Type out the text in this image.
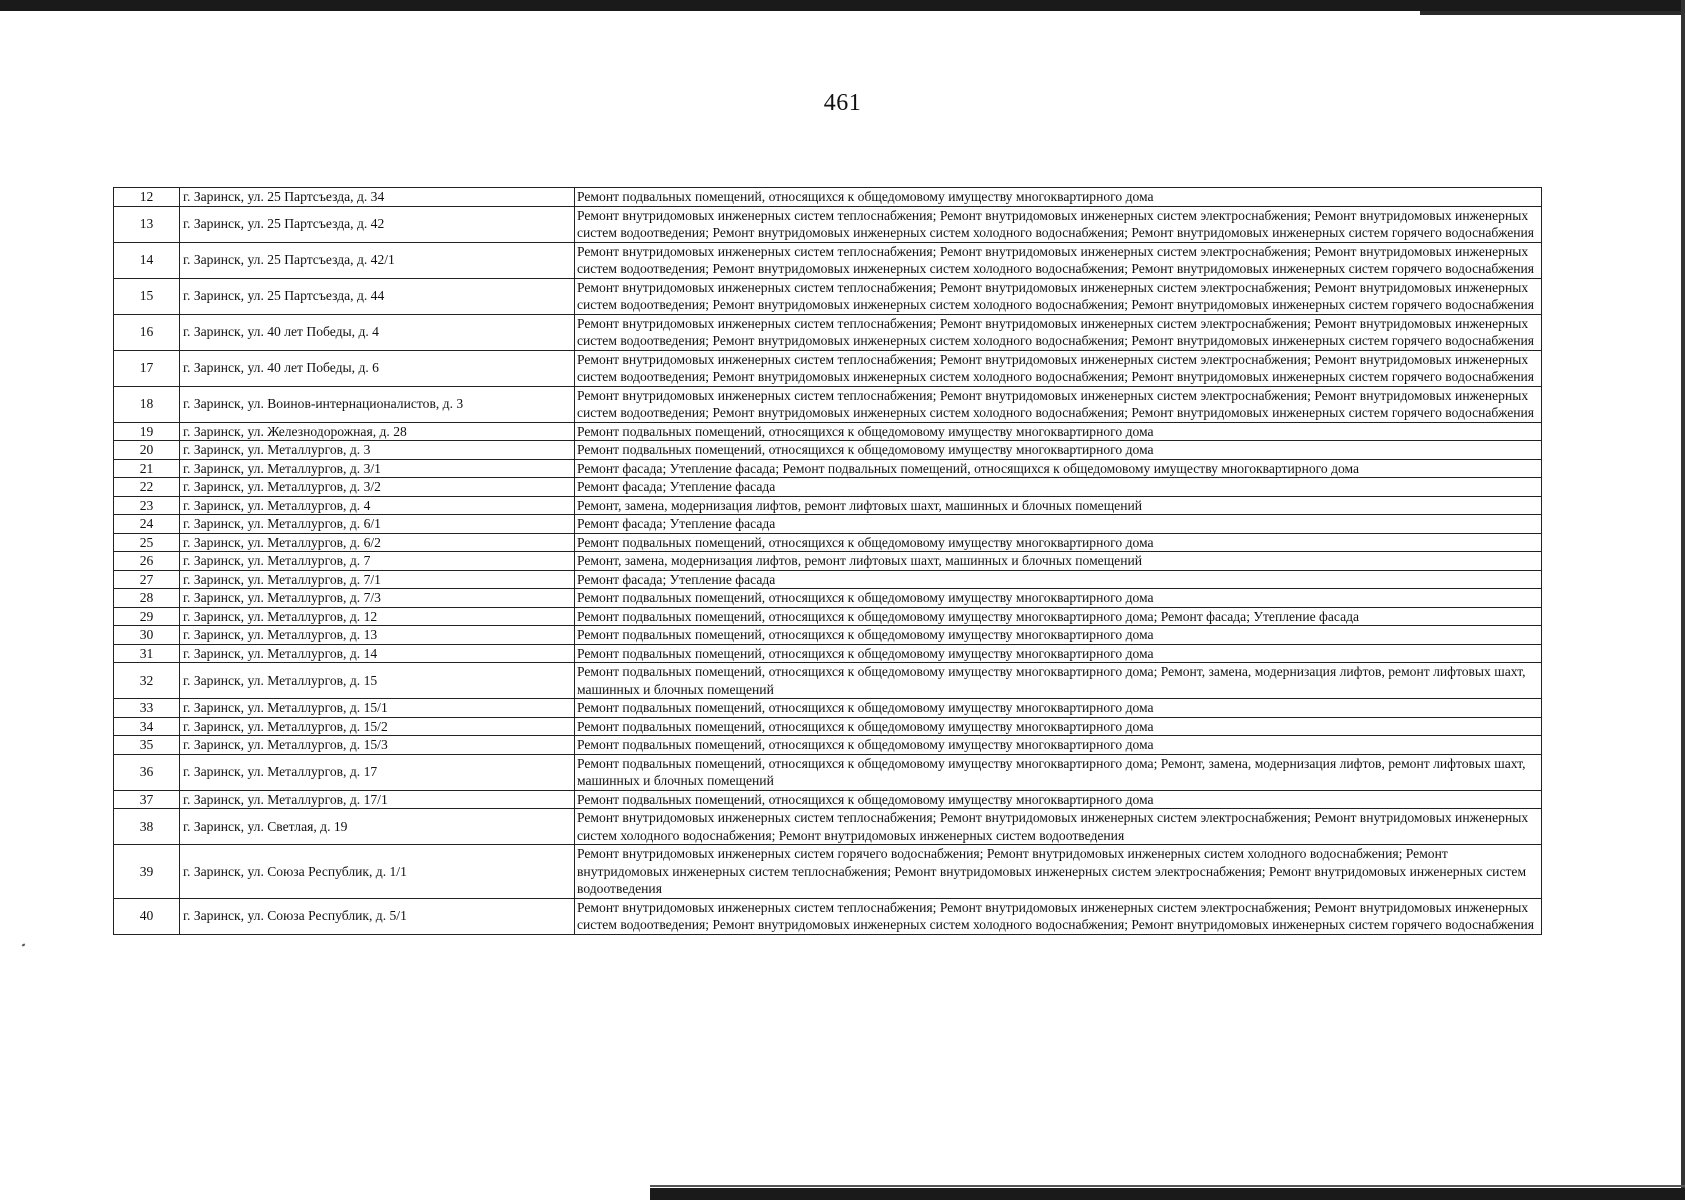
461
12	г. Заринск, ул. 25 Партсъезда, д. 34	Ремонт подвальных помещений, относящихся к общедомовому имуществу многоквартирного дома
13	г. Заринск, ул. 25 Партсъезда, д. 42	Ремонт внутридомовых инженерных систем теплоснабжения; Ремонт внутридомовых инженерных систем электроснабжения; Ремонт внутридомовых инженерных систем водоотведения; Ремонт внутридомовых инженерных систем холодного водоснабжения; Ремонт внутридомовых инженерных систем горячего водоснабжения
14	г. Заринск, ул. 25 Партсъезда, д. 42/1	Ремонт внутридомовых инженерных систем теплоснабжения; Ремонт внутридомовых инженерных систем электроснабжения; Ремонт внутридомовых инженерных систем водоотведения; Ремонт внутридомовых инженерных систем холодного водоснабжения; Ремонт внутридомовых инженерных систем горячего водоснабжения
15	г. Заринск, ул. 25 Партсъезда, д. 44	Ремонт внутридомовых инженерных систем теплоснабжения; Ремонт внутридомовых инженерных систем электроснабжения; Ремонт внутридомовых инженерных систем водоотведения; Ремонт внутридомовых инженерных систем холодного водоснабжения; Ремонт внутридомовых инженерных систем горячего водоснабжения
16	г. Заринск, ул. 40 лет Победы, д. 4	Ремонт внутридомовых инженерных систем теплоснабжения; Ремонт внутридомовых инженерных систем электроснабжения; Ремонт внутридомовых инженерных систем водоотведения; Ремонт внутридомовых инженерных систем холодного водоснабжения; Ремонт внутридомовых инженерных систем горячего водоснабжения
17	г. Заринск, ул. 40 лет Победы, д. 6	Ремонт внутридомовых инженерных систем теплоснабжения; Ремонт внутридомовых инженерных систем электроснабжения; Ремонт внутридомовых инженерных систем водоотведения; Ремонт внутридомовых инженерных систем холодного водоснабжения; Ремонт внутридомовых инженерных систем горячего водоснабжения
18	г. Заринск, ул. Воинов-интернационалистов, д. 3	Ремонт внутридомовых инженерных систем теплоснабжения; Ремонт внутридомовых инженерных систем электроснабжения; Ремонт внутридомовых инженерных систем водоотведения; Ремонт внутридомовых инженерных систем холодного водоснабжения; Ремонт внутридомовых инженерных систем горячего водоснабжения
19	г. Заринск, ул. Железнодорожная, д. 28	Ремонт подвальных помещений, относящихся к общедомовому имуществу многоквартирного дома
20	г. Заринск, ул. Металлургов, д. 3	Ремонт подвальных помещений, относящихся к общедомовому имуществу многоквартирного дома
21	г. Заринск, ул. Металлургов, д. 3/1	Ремонт фасада; Утепление фасада; Ремонт подвальных помещений, относящихся к общедомовому имуществу многоквартирного дома
22	г. Заринск, ул. Металлургов, д. 3/2	Ремонт фасада; Утепление фасада
23	г. Заринск, ул. Металлургов, д. 4	Ремонт, замена, модернизация лифтов, ремонт лифтовых шахт, машинных и блочных помещений
24	г. Заринск, ул. Металлургов, д. 6/1	Ремонт фасада; Утепление фасада
25	г. Заринск, ул. Металлургов, д. 6/2	Ремонт подвальных помещений, относящихся к общедомовому имуществу многоквартирного дома
26	г. Заринск, ул. Металлургов, д. 7	Ремонт, замена, модернизация лифтов, ремонт лифтовых шахт, машинных и блочных помещений
27	г. Заринск, ул. Металлургов, д. 7/1	Ремонт фасада; Утепление фасада
28	г. Заринск, ул. Металлургов, д. 7/3	Ремонт подвальных помещений, относящихся к общедомовому имуществу многоквартирного дома
29	г. Заринск, ул. Металлургов, д. 12	Ремонт подвальных помещений, относящихся к общедомовому имуществу многоквартирного дома; Ремонт фасада; Утепление фасада
30	г. Заринск, ул. Металлургов, д. 13	Ремонт подвальных помещений, относящихся к общедомовому имуществу многоквартирного дома
31	г. Заринск, ул. Металлургов, д. 14	Ремонт подвальных помещений, относящихся к общедомовому имуществу многоквартирного дома
32	г. Заринск, ул. Металлургов, д. 15	Ремонт подвальных помещений, относящихся к общедомовому имуществу многоквартирного дома; Ремонт, замена, модернизация лифтов, ремонт лифтовых шахт, машинных и блочных помещений
33	г. Заринск, ул. Металлургов, д. 15/1	Ремонт подвальных помещений, относящихся к общедомовому имуществу многоквартирного дома
34	г. Заринск, ул. Металлургов, д. 15/2	Ремонт подвальных помещений, относящихся к общедомовому имуществу многоквартирного дома
35	г. Заринск, ул. Металлургов, д. 15/3	Ремонт подвальных помещений, относящихся к общедомовому имуществу многоквартирного дома
36	г. Заринск, ул. Металлургов, д. 17	Ремонт подвальных помещений, относящихся к общедомовому имуществу многоквартирного дома; Ремонт, замена, модернизация лифтов, ремонт лифтовых шахт, машинных и блочных помещений
37	г. Заринск, ул. Металлургов, д. 17/1	Ремонт подвальных помещений, относящихся к общедомовому имуществу многоквартирного дома
38	г. Заринск, ул. Светлая, д. 19	Ремонт внутридомовых инженерных систем теплоснабжения; Ремонт внутридомовых инженерных систем электроснабжения; Ремонт внутридомовых инженерных систем холодного водоснабжения; Ремонт внутридомовых инженерных систем водоотведения
39	г. Заринск, ул. Союза Республик, д. 1/1	Ремонт внутридомовых инженерных систем горячего водоснабжения; Ремонт внутридомовых инженерных систем холодного водоснабжения; Ремонт внутридомовых инженерных систем теплоснабжения; Ремонт внутридомовых инженерных систем электроснабжения; Ремонт внутридомовых инженерных систем водоотведения
40	г. Заринск, ул. Союза Республик, д. 5/1	Ремонт внутридомовых инженерных систем теплоснабжения; Ремонт внутридомовых инженерных систем электроснабжения; Ремонт внутридомовых инженерных систем водоотведения; Ремонт внутридомовых инженерных систем холодного водоснабжения; Ремонт внутридомовых инженерных систем горячего водоснабжения
